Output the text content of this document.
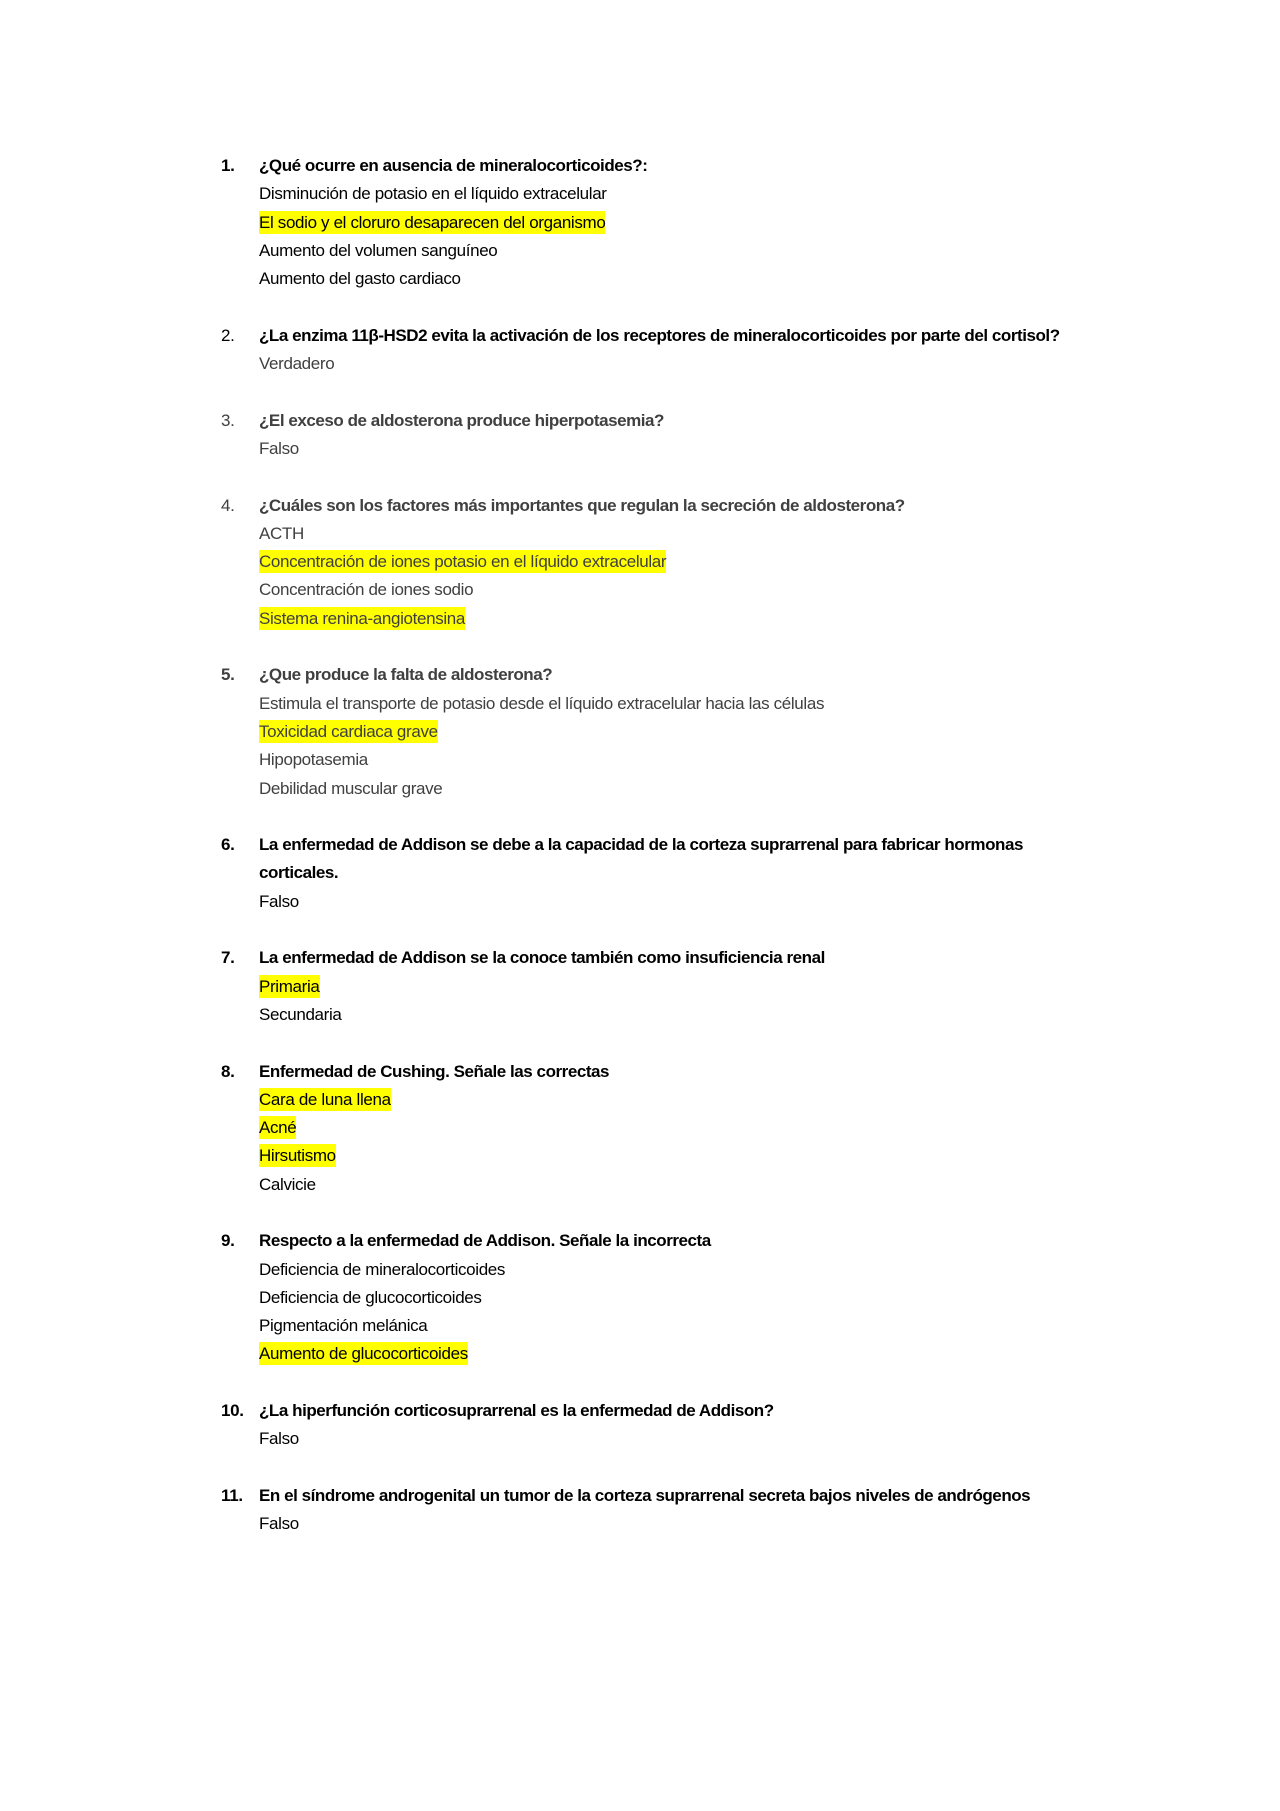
1.	¿Qué ocurre en ausencia de mineralocorticoides?:
Disminución de potasio en el líquido extracelular
El sodio y el cloruro desaparecen del organismo
Aumento del volumen sanguíneo
Aumento del gasto cardiaco
2.	¿La enzima 11β-HSD2 evita la activación de los receptores de mineralocorticoides por parte del cortisol?
Verdadero
3.	¿El exceso de aldosterona produce hiperpotasemia?
Falso
4.	¿Cuáles son los factores más importantes que regulan la secreción de aldosterona?
ACTH
Concentración de iones potasio en el líquido extracelular
Concentración de iones sodio
Sistema renina-angiotensina
5.	¿Que produce la falta de aldosterona?
Estimula el transporte de potasio desde el líquido extracelular hacia las células
Toxicidad cardiaca grave
Hipopotasemia
Debilidad muscular grave
6.	La enfermedad de Addison se debe a la capacidad de la corteza suprarrenal para fabricar hormonas corticales.
Falso
7.	La enfermedad de Addison se la conoce también como insuficiencia renal
Primaria
Secundaria
8.	Enfermedad de Cushing. Señale las correctas
Cara de luna llena
Acné
Hirsutismo
Calvicie
9.	Respecto a la enfermedad de Addison. Señale la incorrecta
Deficiencia de mineralocorticoides
Deficiencia de glucocorticoides
Pigmentación melánica
Aumento de glucocorticoides
10. ¿La hiperfunción corticosuprarrenal es la enfermedad de Addison?
Falso
11. En el síndrome androgenital un tumor de la corteza suprarrenal secreta bajos niveles de andrógenos
Falso
